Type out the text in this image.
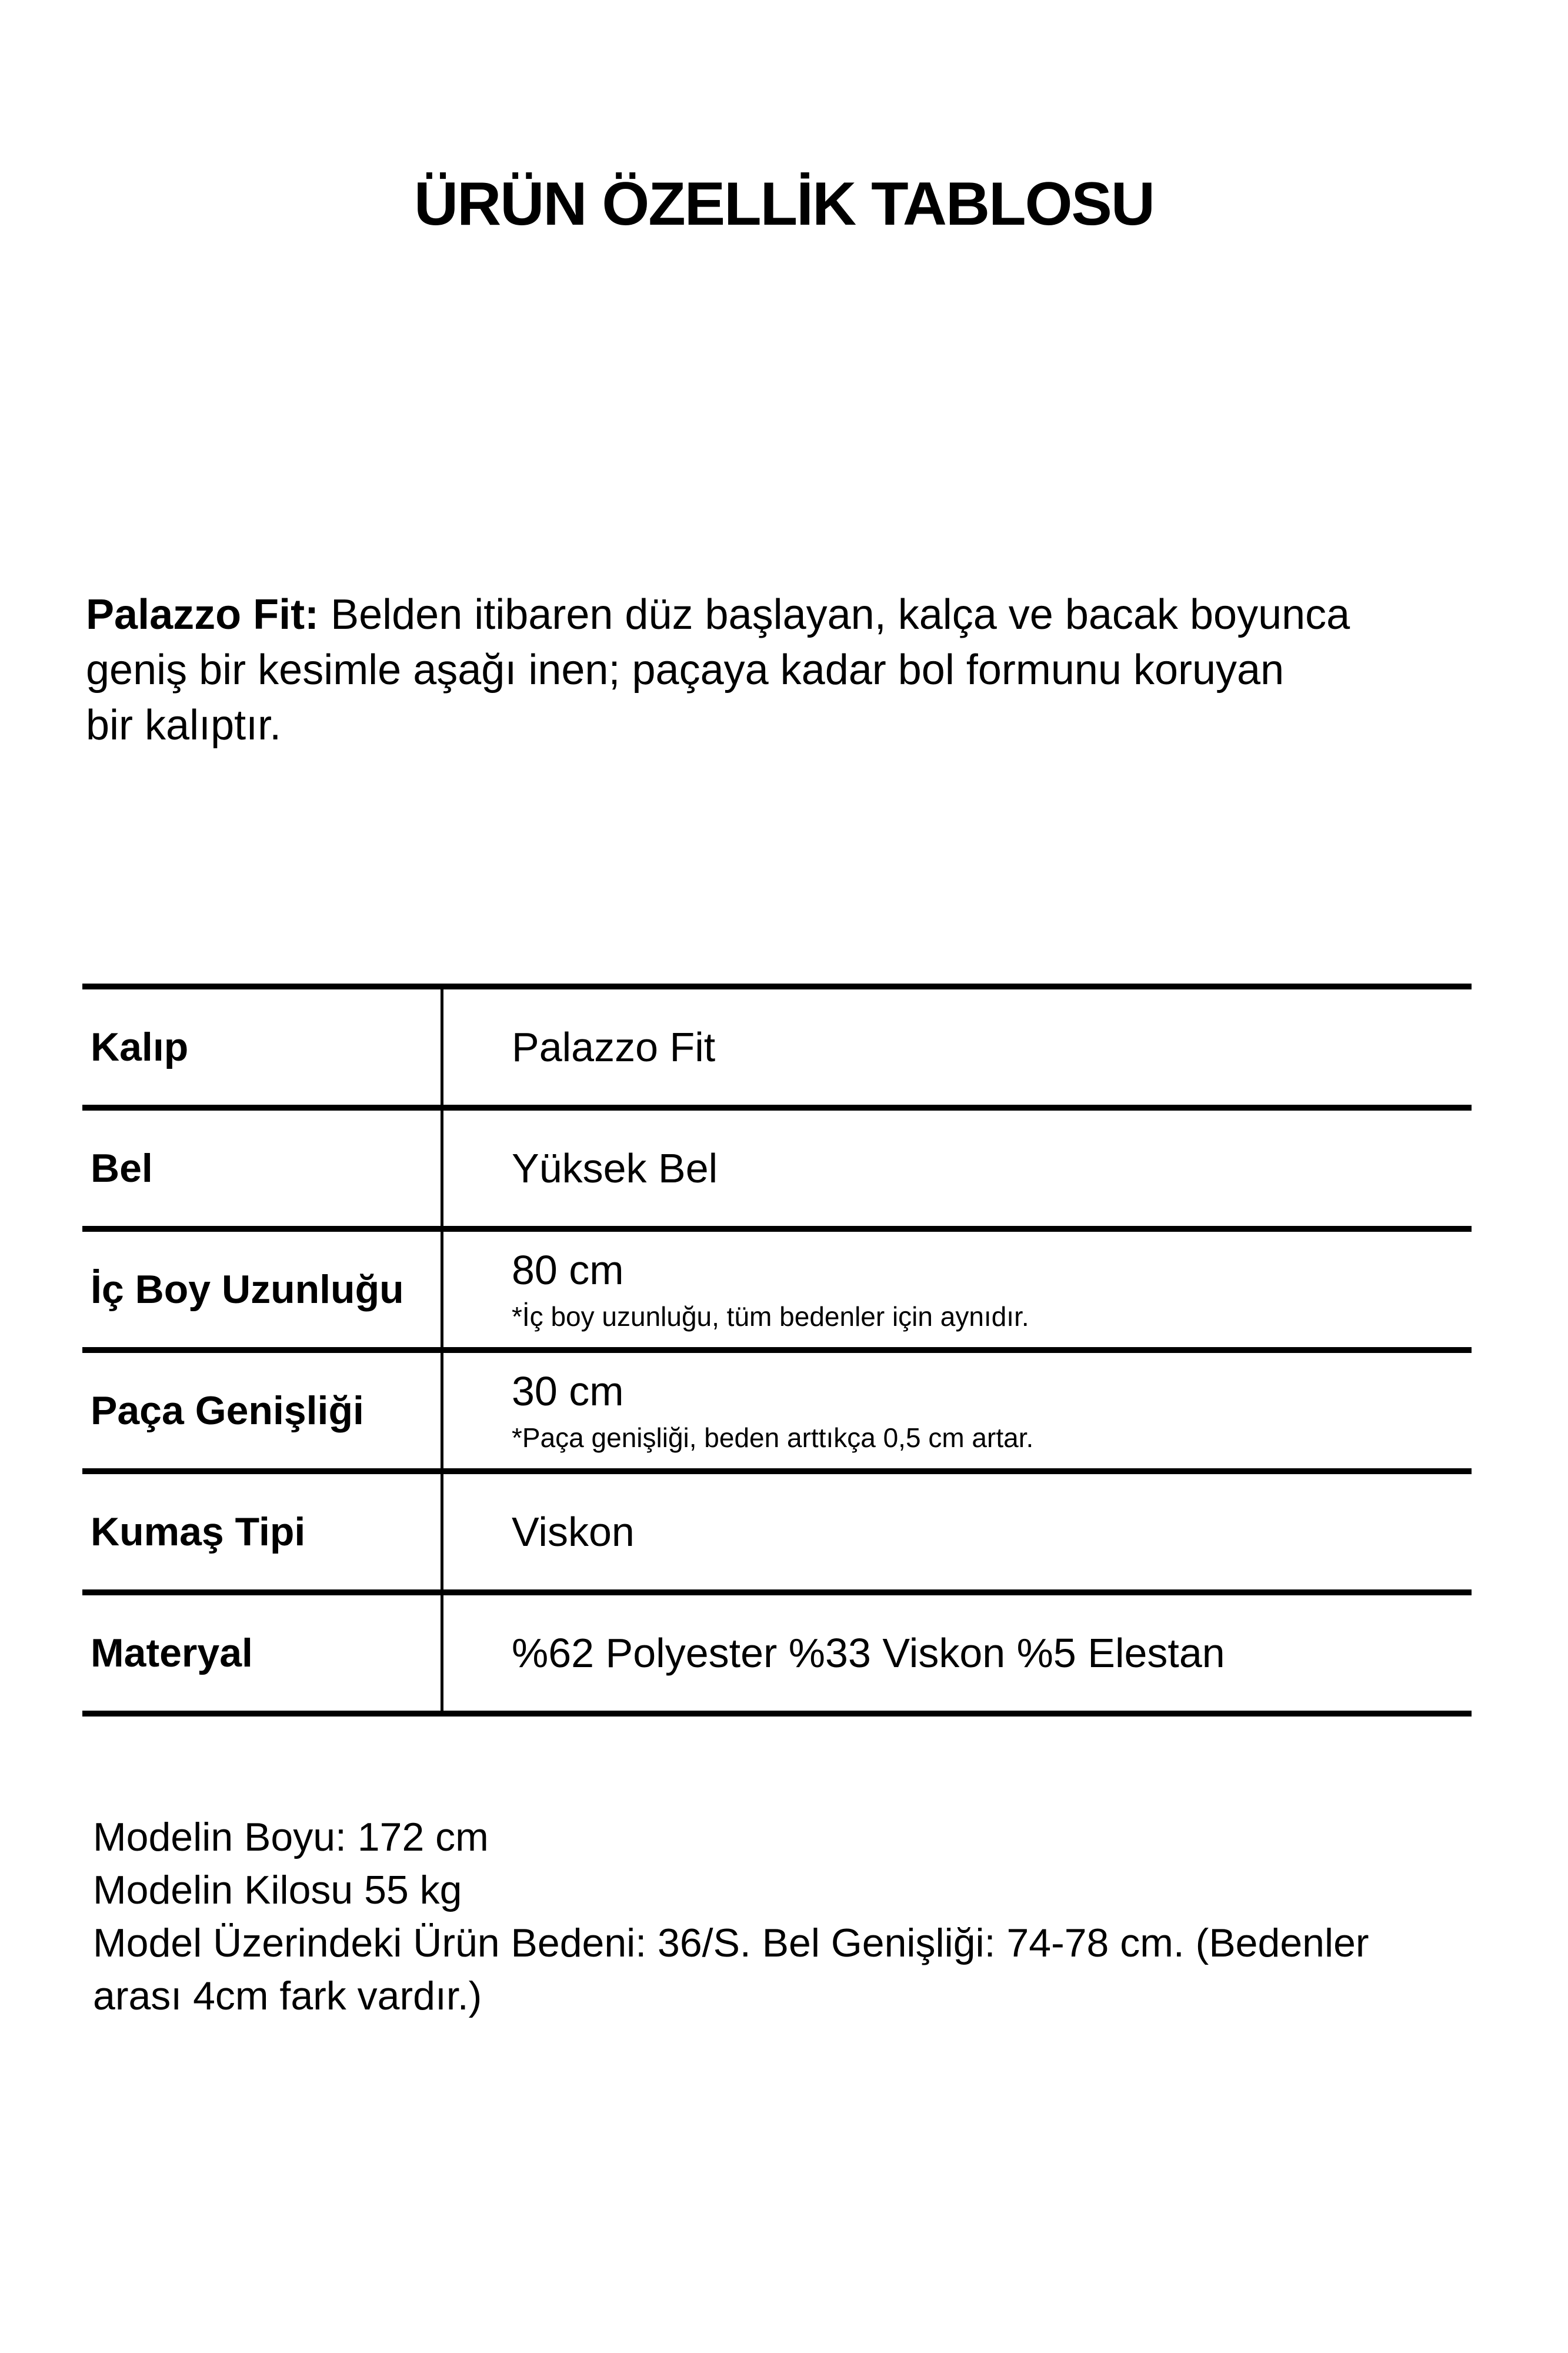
ÜRÜN ÖZELLİK TABLOSU
Palazzo Fit: Belden itibaren düz başlayan, kalça ve bacak boyunca
geniş bir kesimle aşağı inen; paçaya kadar bol formunu koruyan
bir kalıptır.
Kalıp	Palazzo Fit
Bel	Yüksek Bel
İç Boy Uzunluğu	80 cm
*İç boy uzunluğu, tüm bedenler için aynıdır.
Paça Genişliği	30 cm
*Paça genişliği, beden arttıkça 0,5 cm artar.
Kumaş Tipi	Viskon
Materyal	%62 Polyester %33 Viskon %5 Elestan
Modelin Boyu: 172 cm
Modelin Kilosu 55 kg
Model Üzerindeki Ürün Bedeni: 36/S. Bel Genişliği: 74-78 cm. (Bedenler
arası 4cm fark vardır.)
